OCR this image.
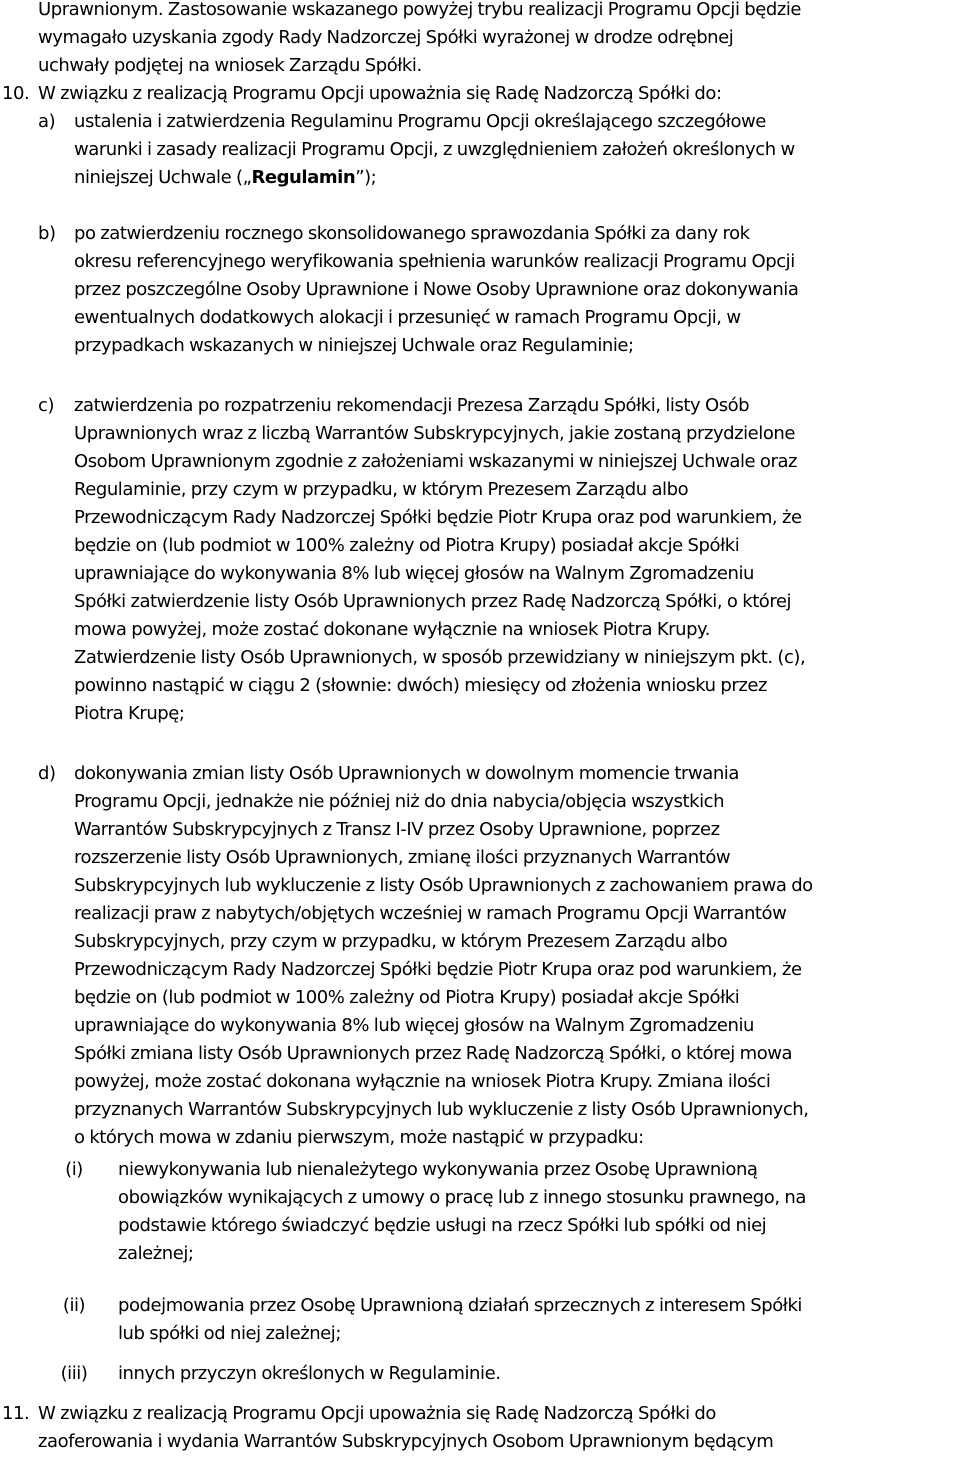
Uprawnionym. Zastosowanie wskazanego powyżej trybu realizacji Programu Opcji będzie
wymagało uzyskania zgody Rady Nadzorczej Spółki wyrażonej w drodze odrębnej
uchwały podjętej na wniosek Zarządu Spółki.
10. W związku z realizacją Programu Opcji upoważnia się Radę Nadzorczą Spółki do:
a) ustalenia i zatwierdzenia Regulaminu Programu Opcji określającego szczegółowe
warunki i zasady realizacji Programu Opcji, z uwzględnieniem założeń określonych w
niniejszej Uchwale („Regulamin”);
b) po zatwierdzeniu rocznego skonsolidowanego sprawozdania Spółki za dany rok
okresu referencyjnego weryfikowania spełnienia warunków realizacji Programu Opcji
przez poszczególne Osoby Uprawnione i Nowe Osoby Uprawnione oraz dokonywania
ewentualnych dodatkowych alokacji i przesunięć w ramach Programu Opcji, w
przypadkach wskazanych w niniejszej Uchwale oraz Regulaminie;
c) zatwierdzenia po rozpatrzeniu rekomendacji Prezesa Zarządu Spółki, listy Osób
Uprawnionych wraz z liczbą Warrantów Subskrypcyjnych, jakie zostaną przydzielone
Osobom Uprawnionym zgodnie z założeniami wskazanymi w niniejszej Uchwale oraz
Regulaminie, przy czym w przypadku, w którym Prezesem Zarządu albo
Przewodniczącym Rady Nadzorczej Spółki będzie Piotr Krupa oraz pod warunkiem, że
będzie on (lub podmiot w 100% zależny od Piotra Krupy) posiadał akcje Spółki
uprawniające do wykonywania 8% lub więcej głosów na Walnym Zgromadzeniu
Spółki zatwierdzenie listy Osób Uprawnionych przez Radę Nadzorczą Spółki, o której
mowa powyżej, może zostać dokonane wyłącznie na wniosek Piotra Krupy.
Zatwierdzenie listy Osób Uprawnionych, w sposób przewidziany w niniejszym pkt. (c),
powinno nastąpić w ciągu 2 (słownie: dwóch) miesięcy od złożenia wniosku przez
Piotra Krupę;
d) dokonywania zmian listy Osób Uprawnionych w dowolnym momencie trwania
Programu Opcji, jednakże nie później niż do dnia nabycia/objęcia wszystkich
Warrantów Subskrypcyjnych z Transz I-IV przez Osoby Uprawnione, poprzez
rozszerzenie listy Osób Uprawnionych, zmianę ilości przyznanych Warrantów
Subskrypcyjnych lub wykluczenie z listy Osób Uprawnionych z zachowaniem prawa do
realizacji praw z nabytych/objętych wcześniej w ramach Programu Opcji Warrantów
Subskrypcyjnych, przy czym w przypadku, w którym Prezesem Zarządu albo
Przewodniczącym Rady Nadzorczej Spółki będzie Piotr Krupa oraz pod warunkiem, że
będzie on (lub podmiot w 100% zależny od Piotra Krupy) posiadał akcje Spółki
uprawniające do wykonywania 8% lub więcej głosów na Walnym Zgromadzeniu
Spółki zmiana listy Osób Uprawnionych przez Radę Nadzorczą Spółki, o której mowa
powyżej, może zostać dokonana wyłącznie na wniosek Piotra Krupy. Zmiana ilości
przyznanych Warrantów Subskrypcyjnych lub wykluczenie z listy Osób Uprawnionych,
o których mowa w zdaniu pierwszym, może nastąpić w przypadku:
(i)	niewykonywania lub nienależytego wykonywania przez Osobę Uprawnioną
obowiązków wynikających z umowy o pracę lub z innego stosunku prawnego, na
podstawie którego świadczyć będzie usługi na rzecz Spółki lub spółki od niej
zależnej;
(ii)	podejmowania przez Osobę Uprawnioną działań sprzecznych z interesem Spółki
lub spółki od niej zależnej;
(iii)	innych przyczyn określonych w Regulaminie.
11. W związku z realizacją Programu Opcji upoważnia się Radę Nadzorczą Spółki do
zaoferowania i wydania Warrantów Subskrypcyjnych Osobom Uprawnionym będącym
